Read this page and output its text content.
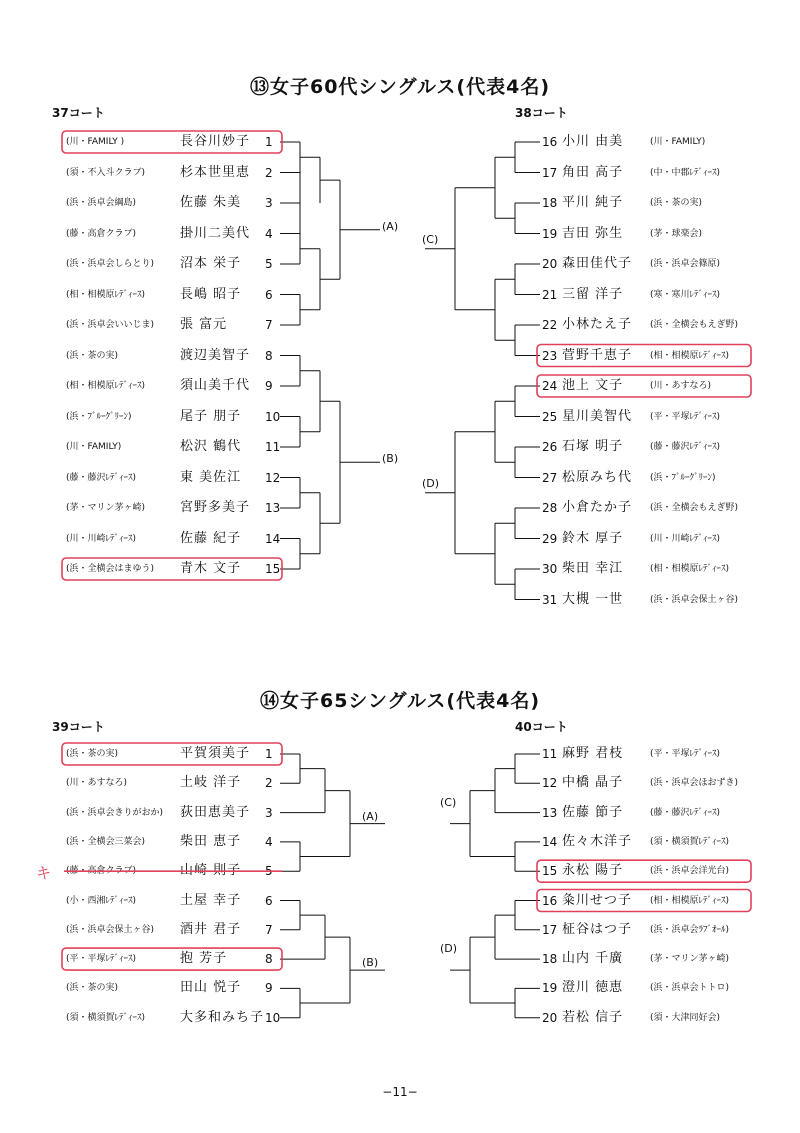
⑬女子60代シングルス(代表4名)
37コート	38コート
⑭女子65シングルス(代表4名)
39コート	40コート
(川・FAMILY )	長谷川妙子 1
(須・不入斗クラブ)	杉本世里恵 2
(浜・浜卓会綱島)	佐藤 朱美 3
(藤・高倉クラブ)	掛川二美代 4
(浜・浜卓会しらとり) 沼本 栄子 5
(相・相模原ﾚﾃﾞｨｰｽ)	長嶋 昭子 6
(浜・浜卓会いいじま) 張 富元	7
(浜・茶の実)	渡辺美智子 8
(相・相模原ﾚﾃﾞｨｰｽ)	須山美千代 9
(浜・ﾌﾞﾙｰｸﾞﾘｰﾝ)	尾子 朋子 10
(川・FAMILY)	松沢 鶴代 11
(藤・藤沢ﾚﾃﾞｨｰｽ)	東 美佐江 12
(茅・マリン茅ヶ崎)	宮野多美子 13
(川・川崎ﾚﾃﾞｨｰｽ)	佐藤 紀子 14
(浜・全横会はまゆう) 青木 文子 15
16 小川 由美	(川・FAMILY)
17 角田 高子	(中・中郡ﾚﾃﾞｨｰｽ)
18 平川 純子	(浜・茶の実)
19 吉田 弥生	(茅・球楽会)
20 森田佳代子 (浜・浜卓会篠原)
21 三留 洋子	(寒・寒川ﾚﾃﾞｨｰｽ)
22 小林たえ子 (浜・全横会もえぎ野)
23 菅野千恵子 (相・相模原ﾚﾃﾞｨｰｽ)
24 池上 文子	(川・あすなろ)
25 星川美智代 (平・平塚ﾚﾃﾞｨｰｽ)
26 石塚 明子	(藤・藤沢ﾚﾃﾞｨｰｽ)
27 松原みち代 (浜・ﾌﾞﾙｰｸﾞﾘｰﾝ)
28 小倉たか子 (浜・全横会もえぎ野)
29 鈴木 厚子	(川・川崎ﾚﾃﾞｨｰｽ)
30 柴田 幸江	(相・相模原ﾚﾃﾞｨｰｽ)
31 大槻 一世	(浜・浜卓会保土ヶ谷)
(浜・茶の実)	平賀須美子 1
(川・あすなろ)	土岐 洋子 2
(浜・浜卓会きりがおか) 荻田恵美子 3
(浜・全横会三菜会)	柴田 恵子 4
(藤・高倉クラブ)	山崎 則子 5
(小・西湘ﾚﾃﾞｨｰｽ)	土屋 幸子 6
(浜・浜卓会保土ヶ谷) 酒井 君子 7
(平・平塚ﾚﾃﾞｨｰｽ)	抱 芳子	8
(浜・茶の実)	田山 悦子 9
(須・横須賀ﾚﾃﾞｨｰｽ)	大多和みち子 10
11 麻野 君枝	(平・平塚ﾚﾃﾞｨｰｽ)
12 中橋 晶子	(浜・浜卓会ほおずき)
13 佐藤 節子	(藤・藤沢ﾚﾃﾞｨｰｽ)
14 佐々木洋子 (須・横須賀ﾚﾃﾞｨｰｽ)
15 永松 陽子	(浜・浜卓会洋光台)
16 粂川せつ子 (相・相模原ﾚﾃﾞｨｰｽ)
17 柾谷はつ子 (浜・浜卓会ﾗﾌﾞｵｰﾙ)
18 山内 千廣	(茅・マリン茅ヶ崎)
19 澄川 徳恵	(浜・浜卓会トトロ)
20 若松 信子	(須・大津同好会)
(A)
(B)
(C)
(D)
キ
(A)
(B)
(C)
(D)
−11−
